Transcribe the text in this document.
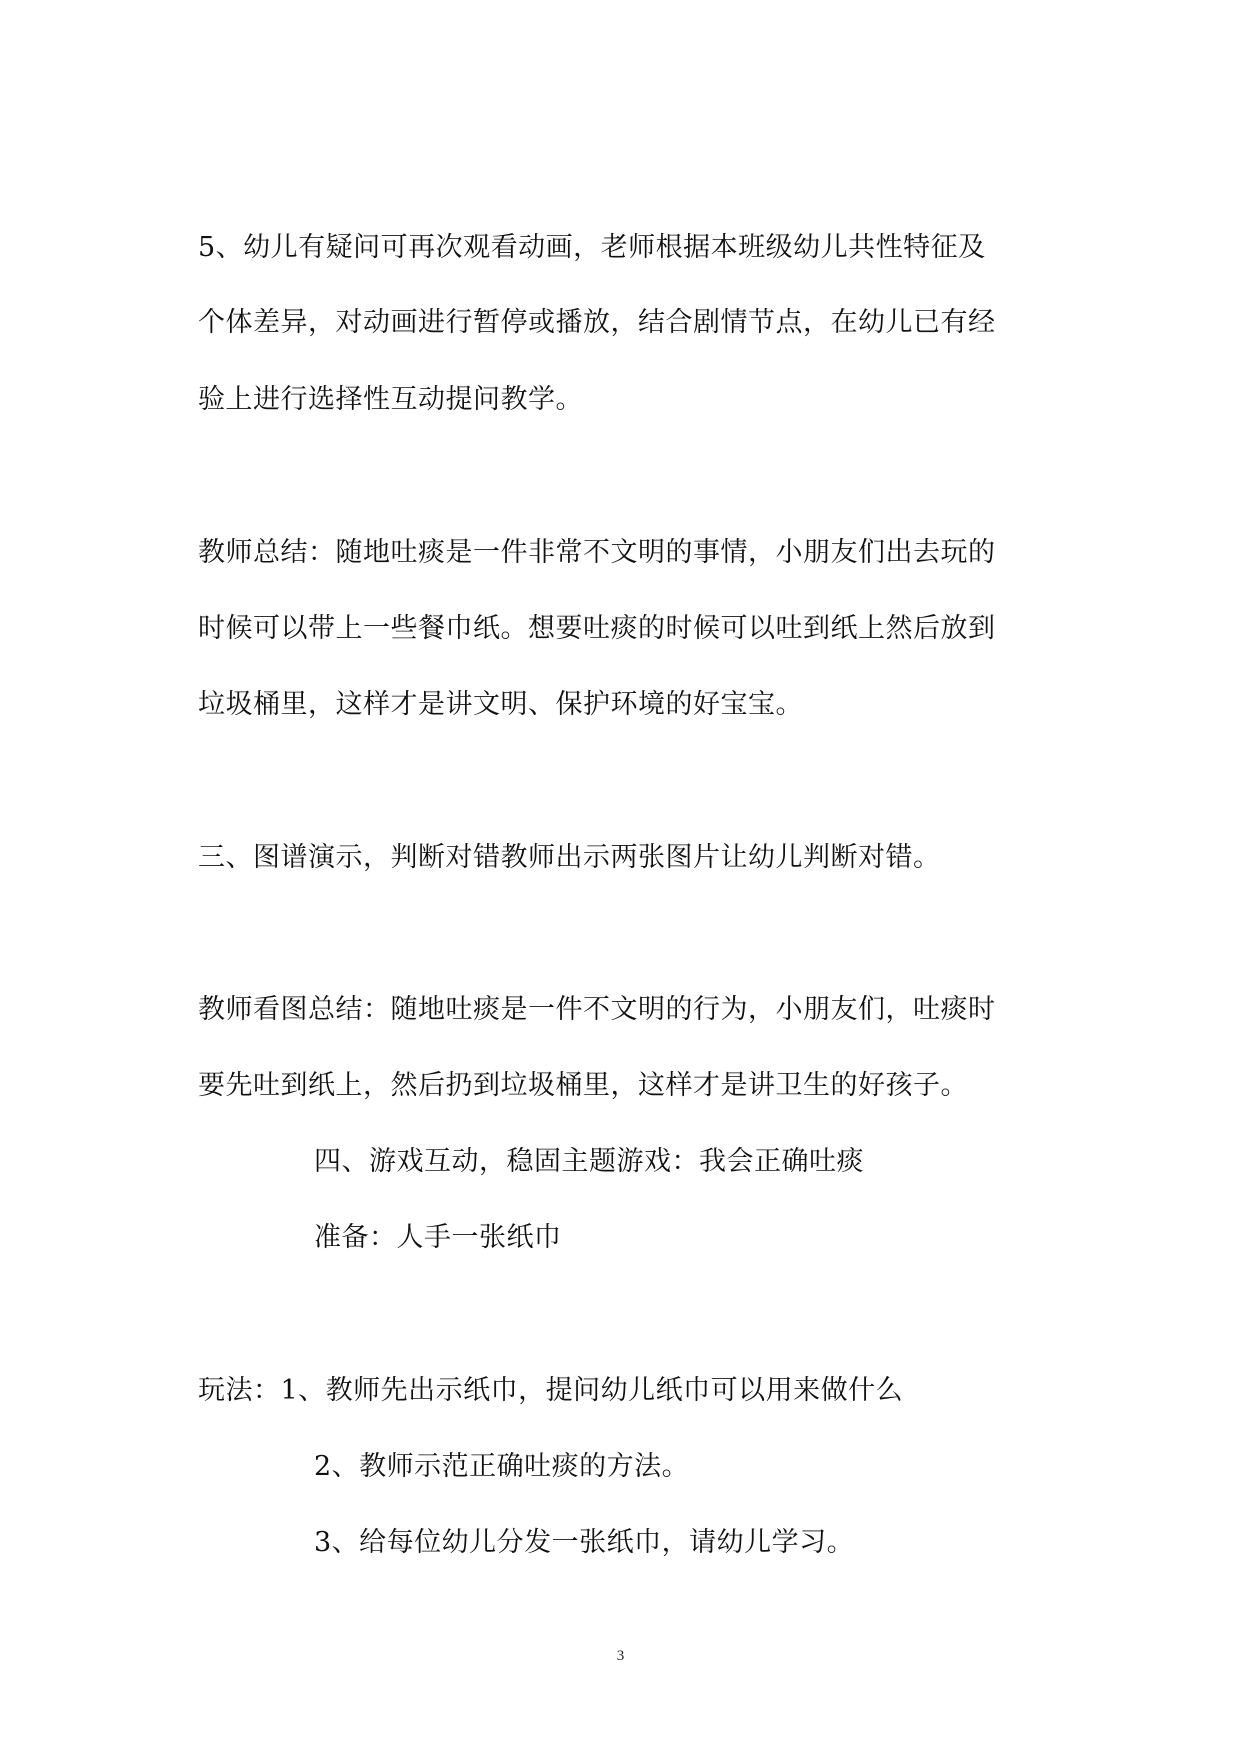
5、幼儿有疑问可再次观看动画，老师根据本班级幼儿共性特征及
个体差异，对动画进行暂停或播放，结合剧情节点，在幼儿已有经
验上进行选择性互动提问教学。
教师总结：随地吐痰是一件非常不文明的事情，小朋友们出去玩的
时候可以带上一些餐巾纸。想要吐痰的时候可以吐到纸上然后放到
垃圾桶里，这样才是讲文明、保护环境的好宝宝。
三、图谱演示，判断对错教师出示两张图片让幼儿判断对错。
教师看图总结：随地吐痰是一件不文明的行为，小朋友们，吐痰时
要先吐到纸上，然后扔到垃圾桶里，这样才是讲卫生的好孩子。
四、游戏互动，稳固主题游戏：我会正确吐痰
准备：人手一张纸巾
玩法：1、教师先出示纸巾，提问幼儿纸巾可以用来做什么
2、教师示范正确吐痰的方法。
3、给每位幼儿分发一张纸巾，请幼儿学习。
3
